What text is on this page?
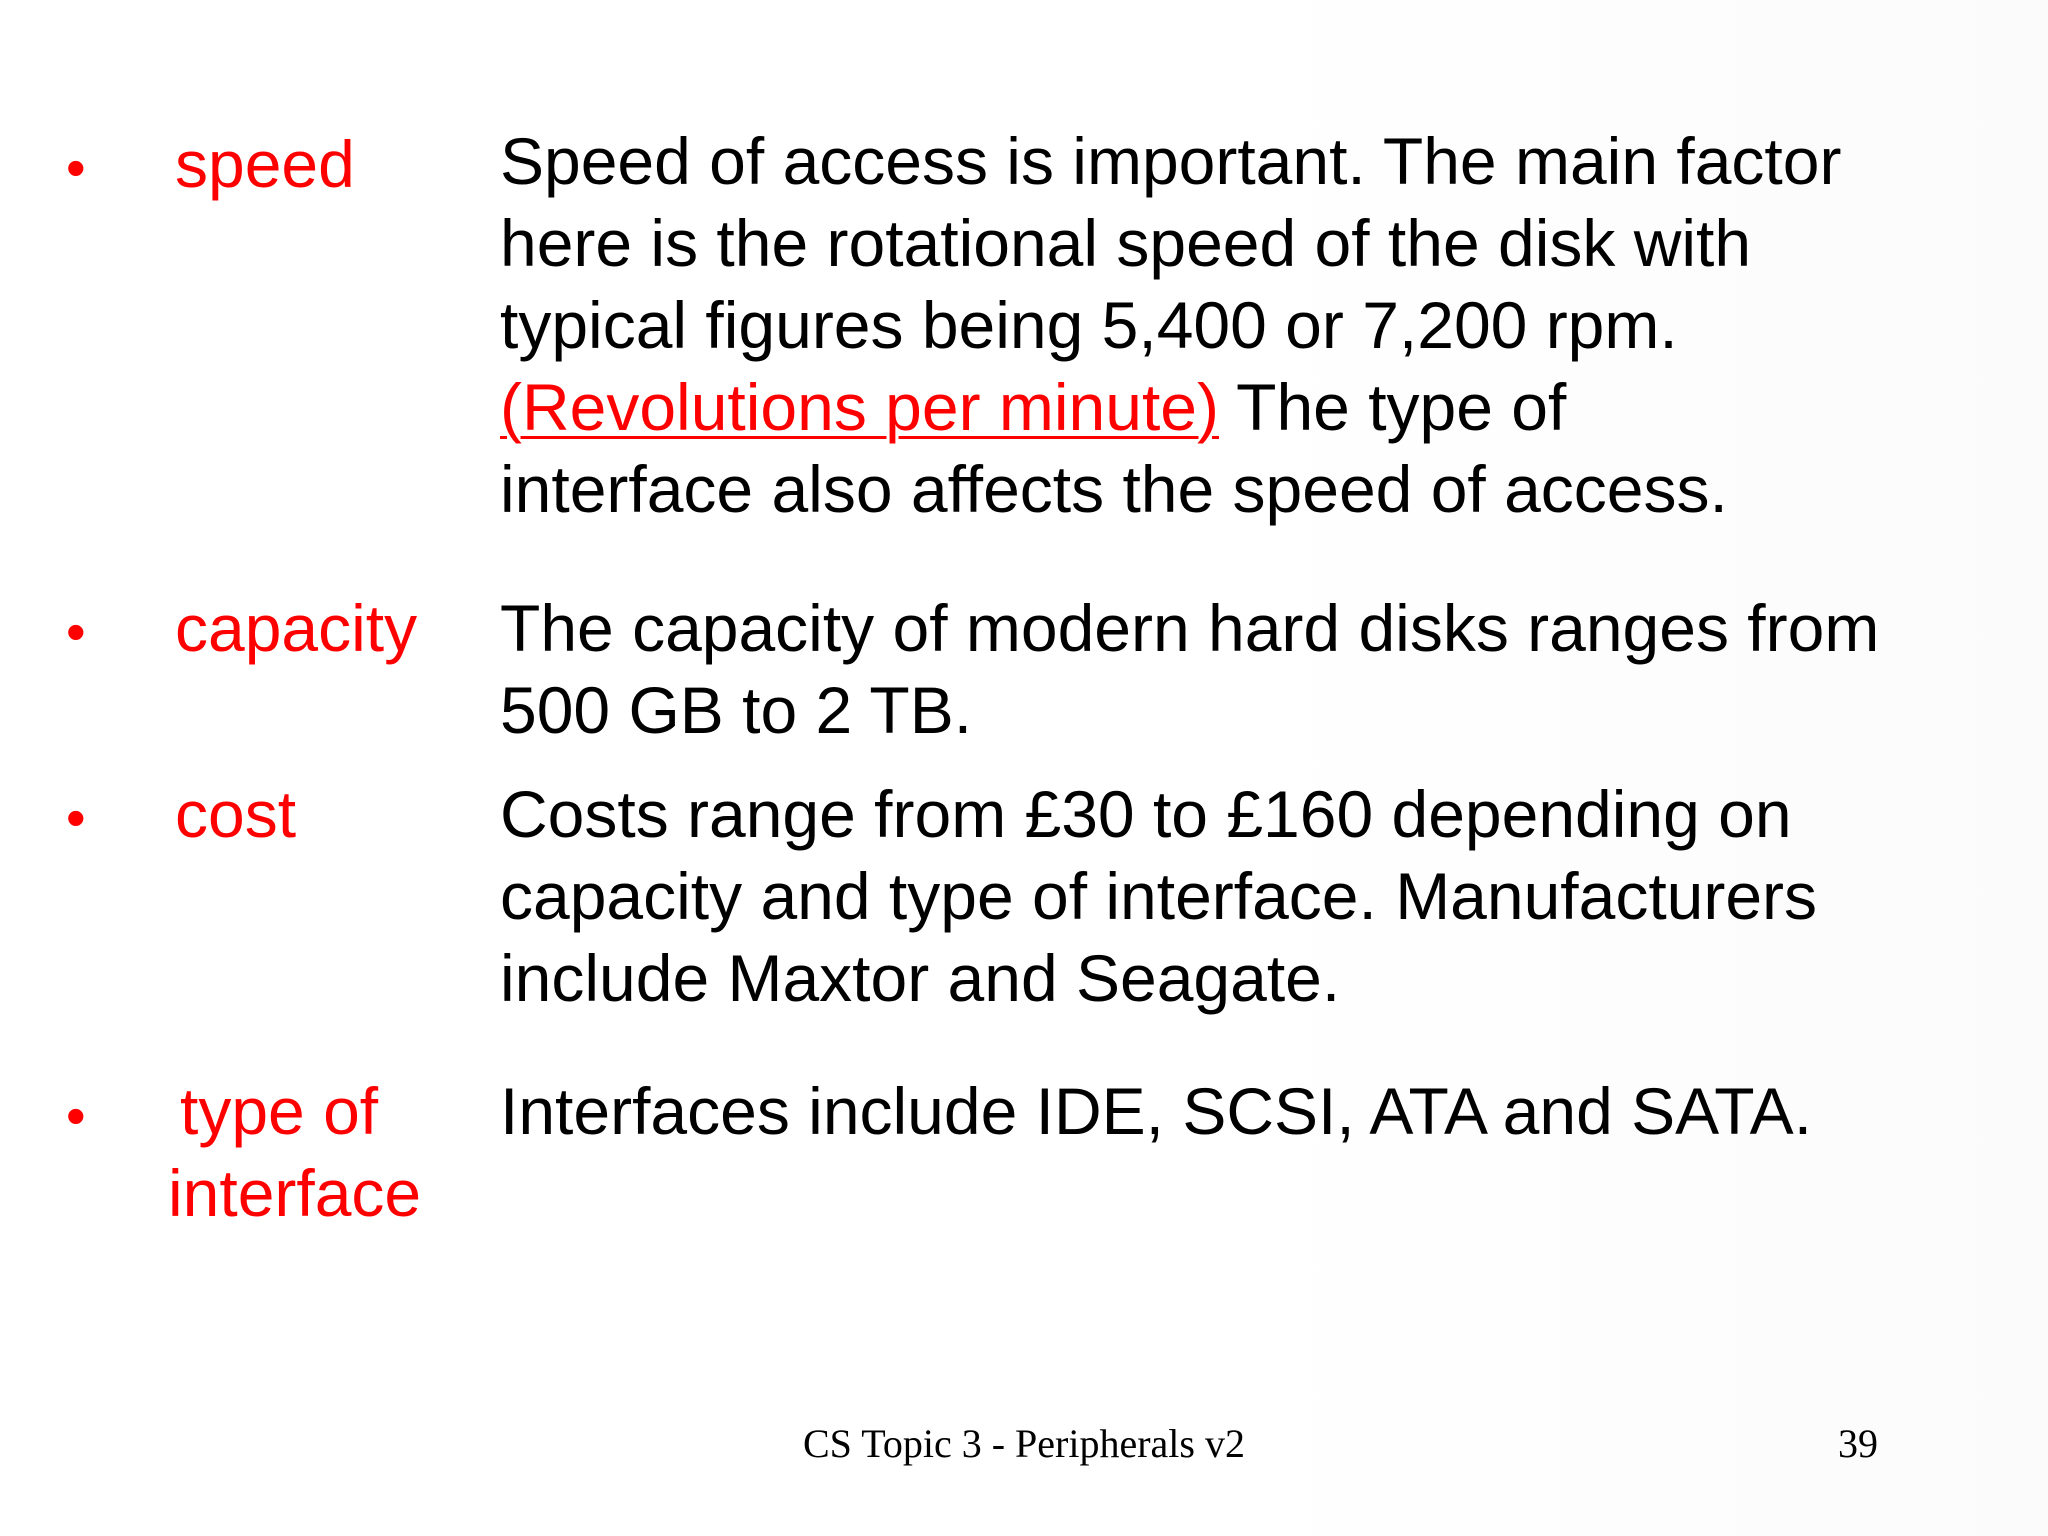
• speed Speed of access is important. The main factor
here is the rotational speed of the disk with
typical figures being 5,400 or 7,200 rpm.
(Revolutions per minute) The type of
interface also affects the speed of access.
• capacity The capacity of modern hard disks ranges from
500 GB to 2 TB.
• cost	Costs range from £30 to £160 depending on
capacity and type of interface. Manufacturers
include Maxtor and Seagate.
• type of
interface
Interfaces include IDE, SCSI, ATA and SATA.
CS Topic 3 - Peripherals v2	39
